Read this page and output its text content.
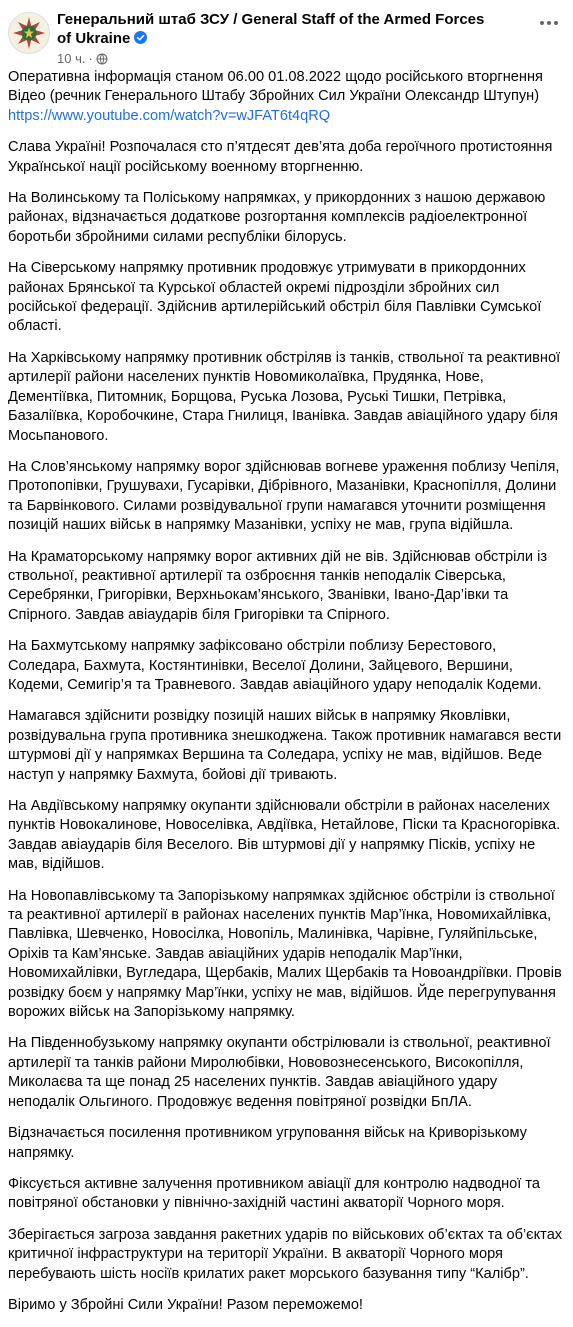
Генеральний штаб ЗСУ / General Staff of the Armed Forces of Ukraine
10 ч. ·

Оперативна інформація станом 06.00 01.08.2022 щодо російського вторгнення Відео (речник Генерального Штабу Збройних Сил України Олександр Штупун)
https://www.youtube.com/watch?v=wJFAT6t4qRQ

Слава Україні! Розпочалася сто п’ятдесят дев’ята доба героїчного протистояння Української нації російському военному вторгненню.

На Волинському та Поліському напрямках, у прикордонних з нашою державою районах, відзначається додаткове розгортання комплексів радіоелектронної боротьби збройними силами республіки білорусь.

На Сіверському напрямку противник продовжує утримувати в прикордонних районах Брянської та Курської областей окремі підрозділи збройних сил російської федерації. Здійснив артилерійський обстріл біля Павлівки Сумської області.

На Харківському напрямку противник обстріляв із танків, ствольної та реактивної артилерії райони населених пунктів Новомиколаївка, Прудянка, Нове, Дементіївка, Питомник, Борщова, Руська Лозова, Руські Тишки, Петрівка, Базаліївка, Коробочкине, Стара Гнилиця, Іванівка. Завдав авіаційного удару біля Мосьпанового.

На Слов’янському напрямку ворог здійснював вогневе ураження поблизу Чепіля, Протопопівки, Грушувахи, Гусарівки, Дібрівного, Мазанівки, Краснопілля, Долини та Барвінкового. Силами розвідувальної групи намагався уточнити розміщення позицій наших військ в напрямку Мазанівки, успіху не мав, група відійшла.

На Краматорському напрямку ворог активних дій не вів. Здійснював обстріли із ствольної, реактивної артилерії та озброєння танків неподалік Сіверська, Серебрянки, Григорівки, Верхньокам’янського, Званівки, Івано-Дар’івки та Спірного. Завдав авіаударів біля Григорівки та Спірного.

На Бахмутському напрямку зафіксовано обстріли поблизу Берестового, Соледара, Бахмута, Костянтинівки, Веселої Долини, Зайцевого, Вершини, Кодеми, Семигір’я та Травневого. Завдав авіаційного удару неподалік Кодеми.

Намагався здійснити розвідку позицій наших військ в напрямку Яковлівки, розвідувальна група противника знешкоджена. Також противник намагався вести штурмові дії у напрямках Вершина та Соледара, успіху не мав, відійшов. Веде наступ у напрямку Бахмута, бойові дії тривають.

На Авдіївському напрямку окупанти здійснювали обстріли в районах населених пунктів Новокалинове, Новоселівка, Авдіївка, Нетайлове, Піски та Красногорівка. Завдав авіаударів біля Веселого. Вів штурмові дії у напрямку Пісків, успіху не мав, відійшов.

На Новопавлівському та Запорізькому напрямках здійснює обстріли із ствольної та реактивної артилерії в районах населених пунктів Мар’їнка, Новомихайлівка, Павлівка, Шевченко, Новосілка, Новопіль, Малинівка, Чарівне, Гуляйпільське, Оріхів та Кам’янське. Завдав авіаційних ударів неподалік Мар’їнки, Новомихайлівки, Вугледара, Щербаків, Малих Щербаків та Новоандріївки. Провів розвідку боєм у напрямку Мар’їнки, успіху не мав, відійшов. Йде перегрупування ворожих військ на Запорізькому напрямку.

На Південнобузькому напрямку окупанти обстрілювали із ствольної, реактивної артилерії та танків райони Миролюбівки, Нововознесенського, Високопілля, Миколаєва та ще понад 25 населених пунктів. Завдав авіаційного удару неподалік Ольгиного. Продовжує ведення повітряної розвідки БпЛА.

Відзначається посилення противником угруповання військ на Криворізькому напрямку.

Фіксується активне залучення противником авіації для контролю надводної та повітряної обстановки у північно-західній частині акваторії Чорного моря.

Зберігається загроза завдання ракетних ударів по військових об’єктах та об’єктах критичної інфраструктури на території України. В акваторії Чорного моря перебувають шість носіїв крилатих ракет морського базування типу “Калібр”.

Віримо у Збройні Сили України! Разом переможемо!
